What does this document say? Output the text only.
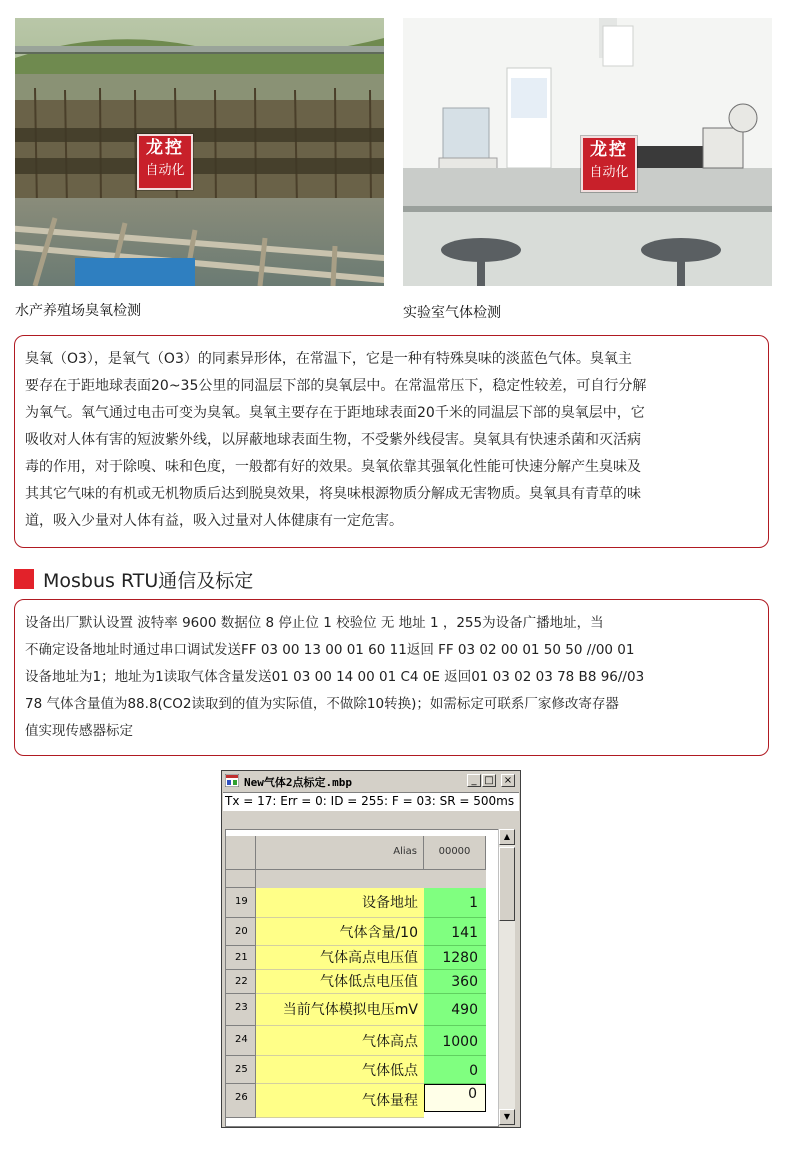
龙控
自动化
水产养殖场臭氧检测
龙控
自动化
实验室气体检测
臭氧（O3），是氧气（O3）的同素异形体，在常温下，它是一种有特殊臭味的淡蓝色气体。臭氧主
要存在于距地球表面20~35公里的同温层下部的臭氧层中。在常温常压下，稳定性较差，可自行分解
为氧气。氧气通过电击可变为臭氧。臭氧主要存在于距地球表面20千米的同温层下部的臭氧层中，它
吸收对人体有害的短波紫外线，以屏蔽地球表面生物，不受紫外线侵害。臭氧具有快速杀菌和灭活病
毒的作用，对于除嗅、味和色度，一般都有好的效果。臭氧依靠其强氧化性能可快速分解产生臭味及
其其它气味的有机或无机物质后达到脱臭效果，将臭味根源物质分解成无害物质。臭氧具有青草的味
道，吸入少量对人体有益，吸入过量对人体健康有一定危害。
Mosbus RTU通信及标定
设备出厂默认设置 波特率 9600 数据位 8 停止位 1 校验位 无 地址 1 ，255为设备广播地址，当
不确定设备地址时通过串口调试发送FF 03 00 13 00 01 60 11返回 FF 03 02 00 01 50 50 //00 01
设备地址为1；地址为1读取气体含量发送01 03 00 14 00 01 C4 0E 返回01 03 02 03 78 B8 96//03
78 气体含量值为88.8(CO2读取到的值为实际值，不做除10转换)；如需标定可联系厂家修改寄存器
值实现传感器标定
New气体2点标定.mbp	_ □ ×
Tx = 17: Err = 0: ID = 255: F = 03: SR = 500ms
Alias	00000
19	设备地址	1
20	气体含量/10	141
21	气体高点电压值	1280
22	气体低点电压值	360
23	当前气体模拟电压mV	490
24	气体高点	1000
25	气体低点	0
26	气体量程	0
▲
▼
